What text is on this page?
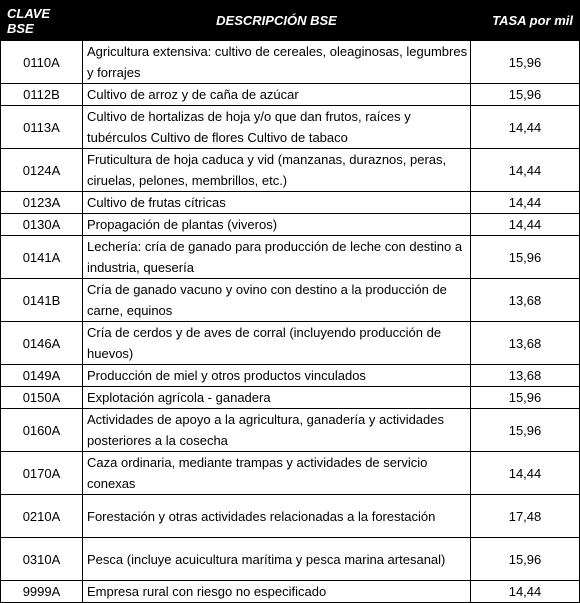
CLAVE BSE	DESCRIPCIÓN BSE	TASA por mil
0110A	Agricultura extensiva: cultivo de cereales, oleaginosas, legumbres y forrajes	15,96
0112B	Cultivo de arroz y de caña de azúcar	15,96
0113A	Cultivo de hortalizas de hoja y/o que dan frutos, raíces y tubérculos Cultivo de flores Cultivo de tabaco	14,44
0124A	Fruticultura de hoja caduca y vid (manzanas, duraznos, peras, ciruelas, pelones, membrillos, etc.)	14,44
0123A	Cultivo de frutas cítricas	14,44
0130A	Propagación de plantas (viveros)	14,44
0141A	Lechería: cría de ganado para producción de leche con destino a industria, quesería	15,96
0141B	Cría de ganado vacuno y ovino con destino a la producción de carne, equinos	13,68
0146A	Cría de cerdos y de aves de corral (incluyendo producción de huevos)	13,68
0149A	Producción de miel y otros productos vinculados	13,68
0150A	Explotación agrícola - ganadera	15,96
0160A	Actividades de apoyo a la agricultura, ganadería y actividades posteriores a la cosecha	15,96
0170A	Caza ordinaria, mediante trampas y actividades de servicio conexas	14,44
0210A	Forestación y otras actividades relacionadas a la forestación	17,48
0310A	Pesca (incluye acuicultura marítima y pesca marina artesanal)	15,96
9999A	Empresa rural con riesgo no especificado	14,44
